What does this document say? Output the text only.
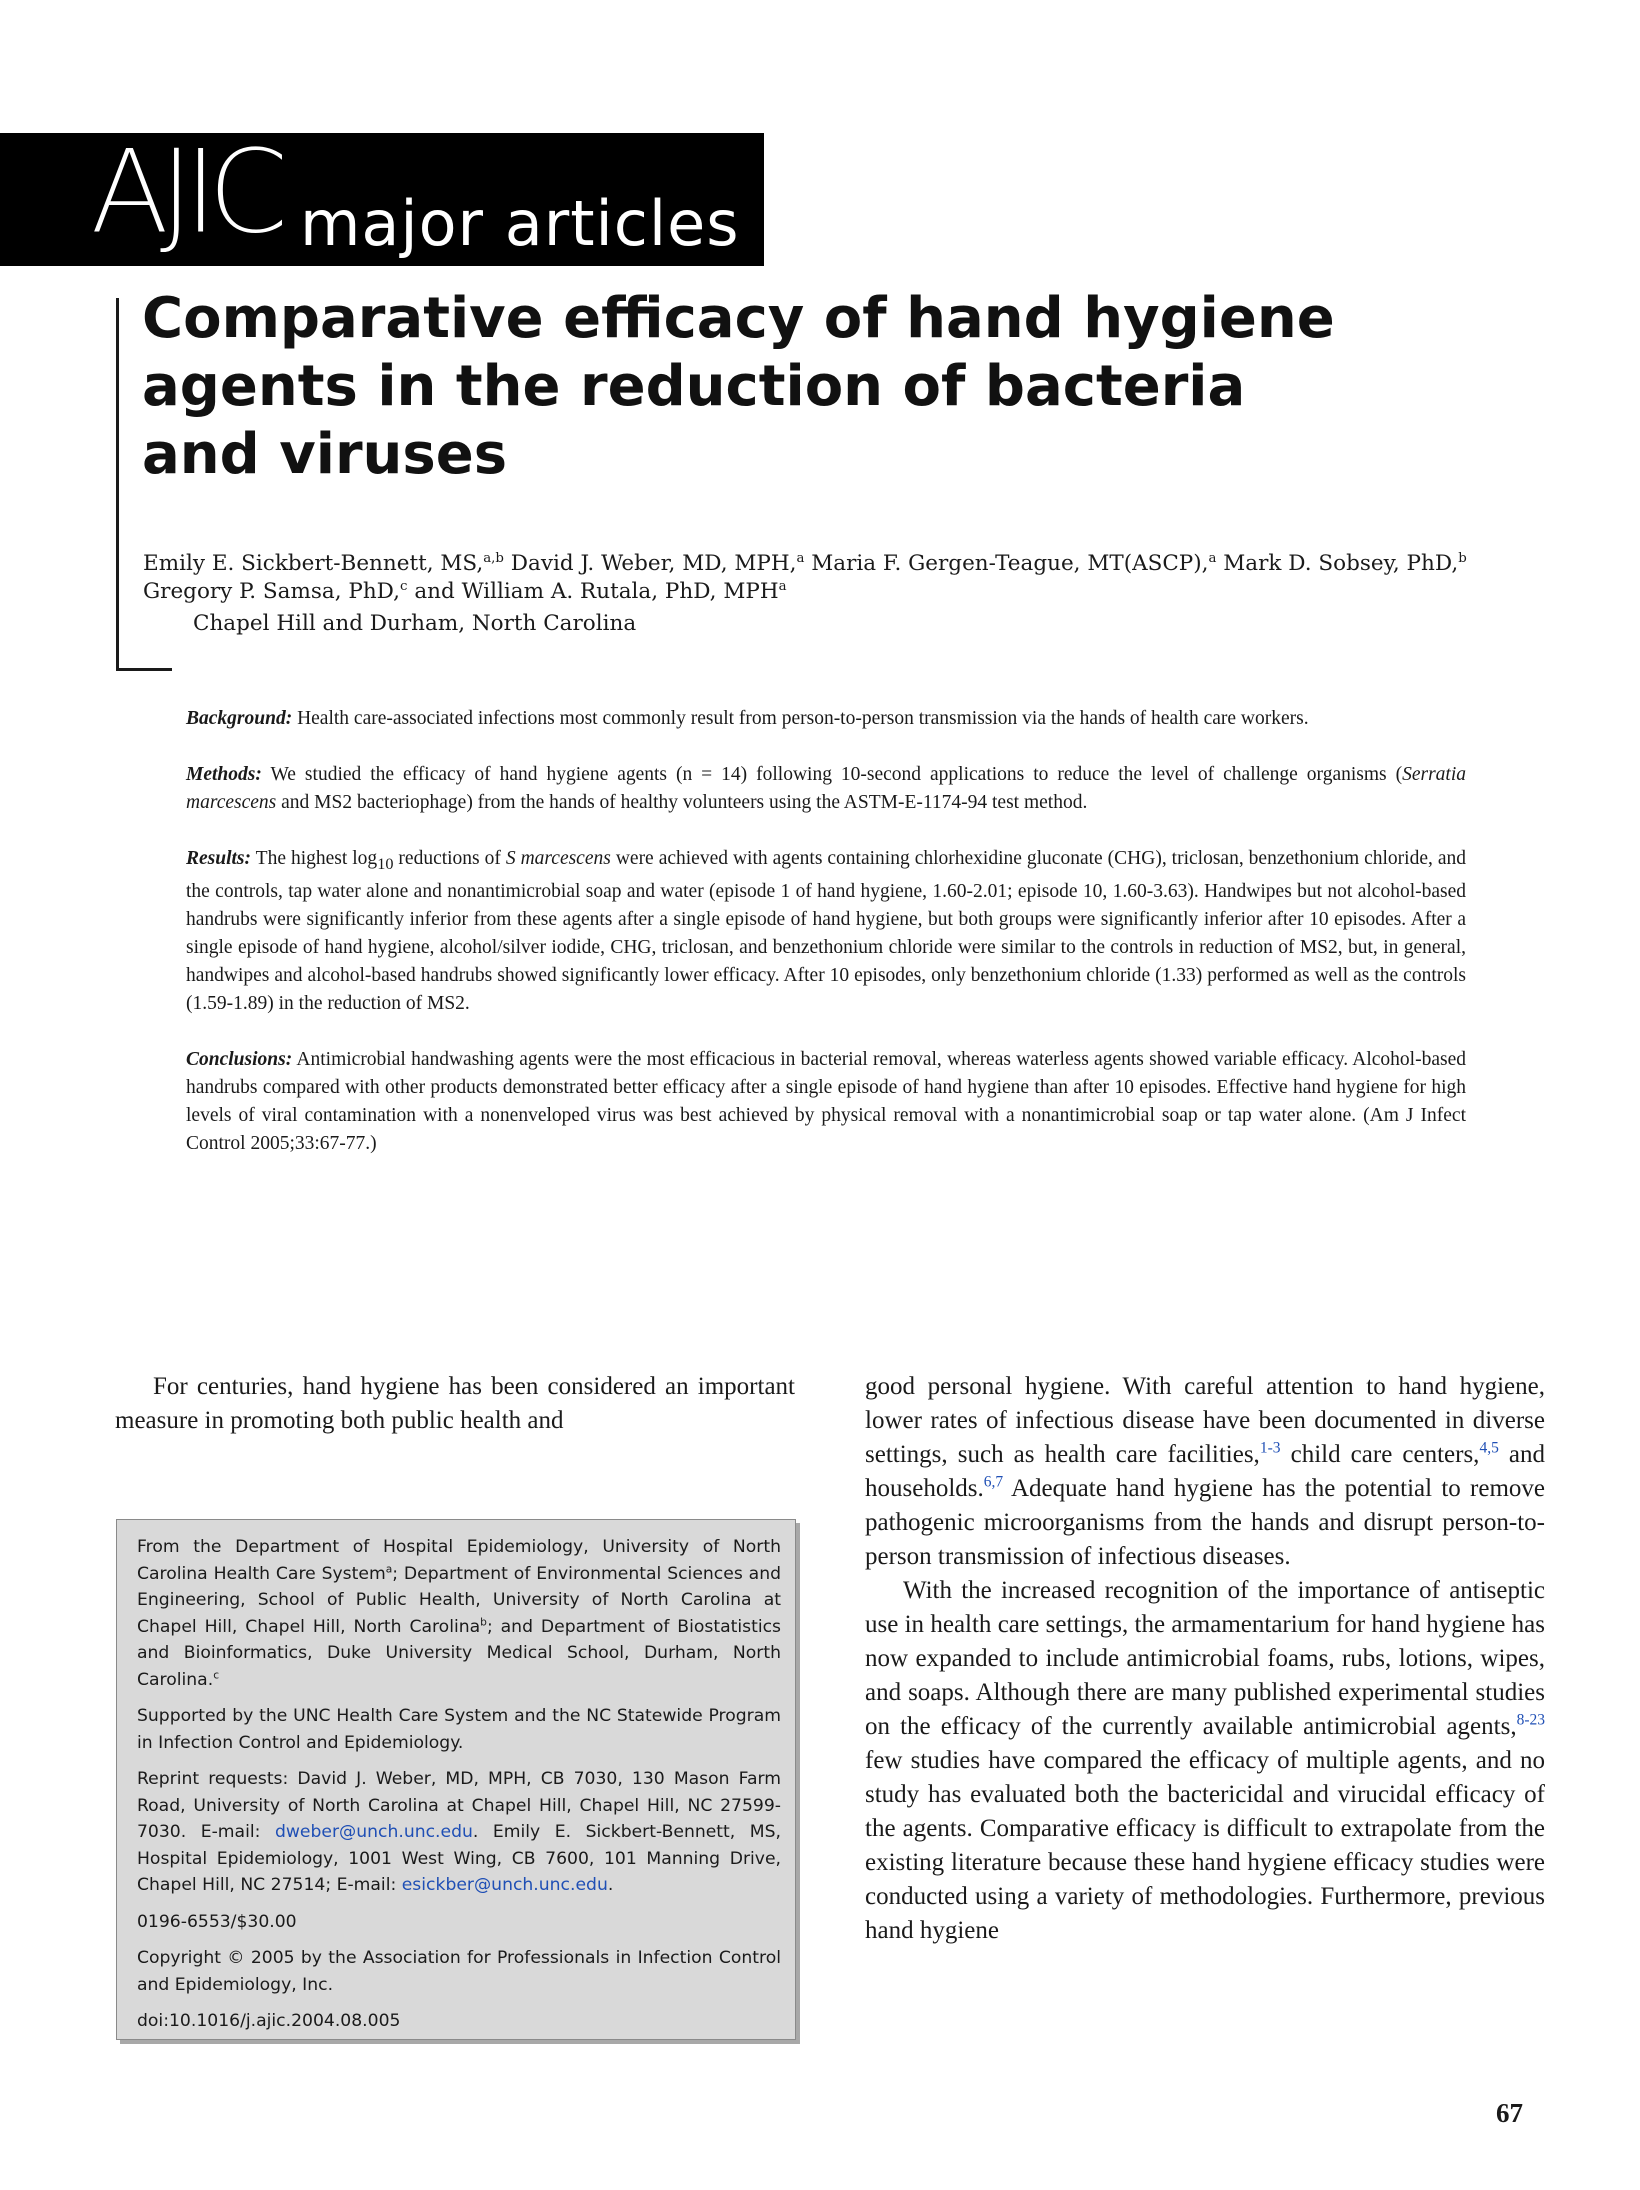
AJIC major articles
Comparative efficacy of hand hygiene agents in the reduction of bacteria and viruses
Emily E. Sickbert-Bennett, MS,$^{a,b}$ David J. Weber, MD, MPH,$^a$ Maria F. Gergen-Teague, MT(ASCP),$^a$ Mark D. Sobsey, PhD,$^b$
Gregory P. Samsa, PhD,$^c$ and William A. Rutala, PhD, MPH$^a$
Chapel Hill and Durham, North Carolina

Background: Health care-associated infections most commonly result from person-to-person transmission via the hands of health care workers.

Methods: We studied the efficacy of hand hygiene agents (n = 14) following 10-second applications to reduce the level of challenge organisms (Serratia marcescens and MS2 bacteriophage) from the hands of healthy volunteers using the ASTM-E-1174-94 test method.

Results: The highest $\log_{10}$ reductions of S marcescens were achieved with agents containing chlorhexidine gluconate (CHG), triclosan, benzethonium chloride, and the controls, tap water alone and nonantimicrobial soap and water (episode 1 of hand hygiene, 1.60-2.01; episode 10, 1.60-3.63). Handwipes but not alcohol-based handrubs were significantly inferior from these agents after a single episode of hand hygiene, but both groups were significantly inferior after 10 episodes. After a single episode of hand hygiene, alcohol/silver iodide, CHG, triclosan, and benzethonium chloride were similar to the controls in reduction of MS2, but, in general, handwipes and alcohol-based handrubs showed significantly lower efficacy. After 10 episodes, only benzethonium chloride (1.33) performed as well as the controls (1.59-1.89) in the reduction of MS2.

Conclusions: Antimicrobial handwashing agents were the most efficacious in bacterial removal, whereas waterless agents showed variable efficacy. Alcohol-based handrubs compared with other products demonstrated better efficacy after a single episode of hand hygiene than after 10 episodes. Effective hand hygiene for high levels of viral contamination with a nonenveloped virus was best achieved by physical removal with a nonantimicrobial soap or tap water alone. (Am J Infect Control 2005;33:67-77.)

For centuries, hand hygiene has been considered an important measure in promoting both public health and

From the Department of Hospital Epidemiology, University of North Carolina Health Care System$^a$; Department of Environmental Sciences and Engineering, School of Public Health, University of North Carolina at Chapel Hill, Chapel Hill, North Carolina$^b$; and Department of Biostatistics and Bioinformatics, Duke University Medical School, Durham, North Carolina.$^c$

Supported by the UNC Health Care System and the NC Statewide Program in Infection Control and Epidemiology.

Reprint requests: David J. Weber, MD, MPH, CB 7030, 130 Mason Farm Road, University of North Carolina at Chapel Hill, Chapel Hill, NC 27599-7030. E-mail: dweber@unch.unc.edu. Emily E. Sickbert-Bennett, MS, Hospital Epidemiology, 1001 West Wing, CB 7600, 101 Manning Drive, Chapel Hill, NC 27514; E-mail: esickber@unch.unc.edu.

0196-6553/$30.00

Copyright © 2005 by the Association for Professionals in Infection Control and Epidemiology, Inc.

doi:10.1016/j.ajic.2004.08.005

good personal hygiene. With careful attention to hand hygiene, lower rates of infectious disease have been documented in diverse settings, such as health care facilities,$^{1-3}$ child care centers,$^{4,5}$ and households.$^{6,7}$ Adequate hand hygiene has the potential to remove pathogenic microorganisms from the hands and disrupt person-to-person transmission of infectious diseases.

With the increased recognition of the importance of antiseptic use in health care settings, the armamentarium for hand hygiene has now expanded to include antimicrobial foams, rubs, lotions, wipes, and soaps. Although there are many published experimental studies on the efficacy of the currently available antimicrobial agents,$^{8-23}$ few studies have compared the efficacy of multiple agents, and no study has evaluated both the bactericidal and virucidal efficacy of the agents. Comparative efficacy is difficult to extrapolate from the existing literature because these hand hygiene efficacy studies were conducted using a variety of methodologies. Furthermore, previous hand hygiene

67
